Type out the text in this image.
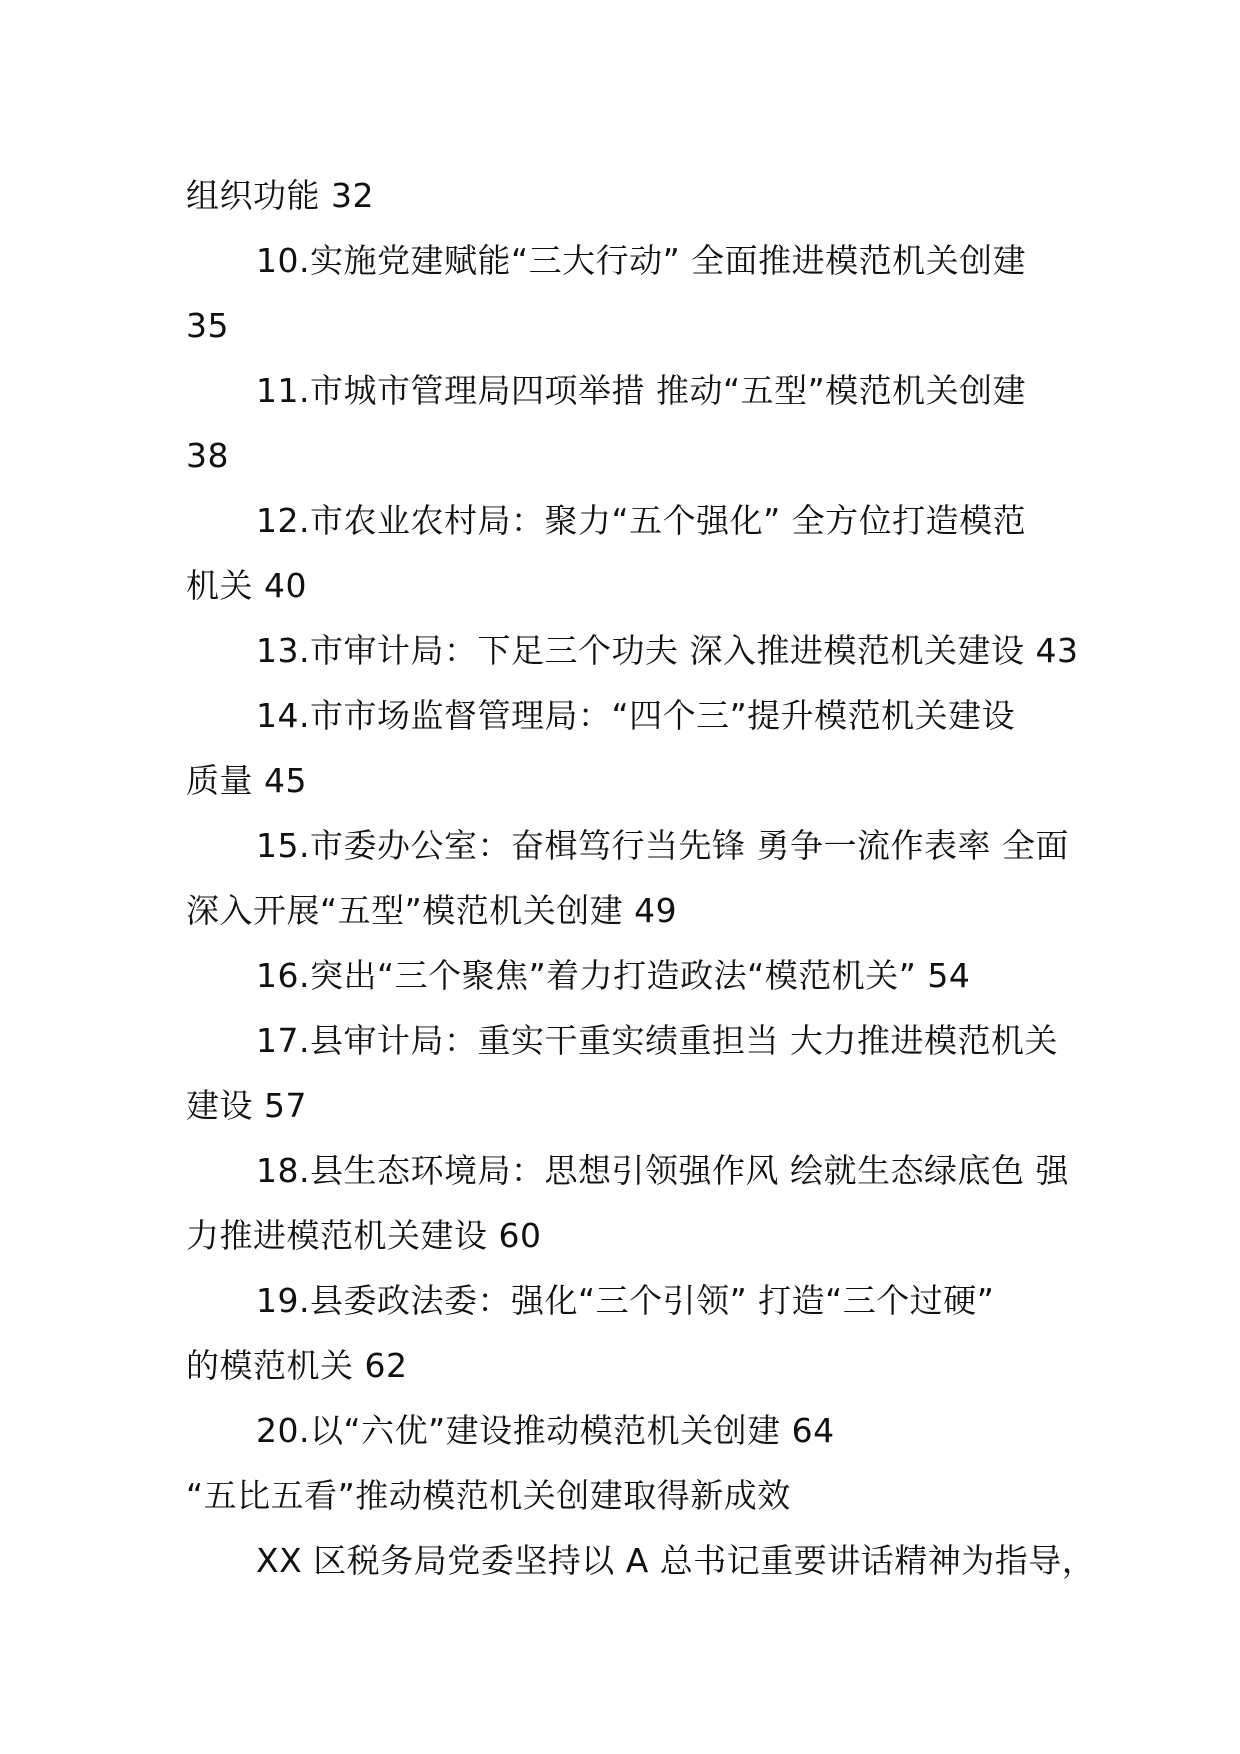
组织功能 32
10.实施党建赋能“三大行动” 全面推进模范机关创建
35
11.市城市管理局四项举措 推动“五型”模范机关创建
38
12.市农业农村局：聚力“五个强化” 全方位打造模范
机关 40
13.市审计局：下足三个功夫 深入推进模范机关建设 43
14.市市场监督管理局：“四个三”提升模范机关建设
质量 45
15.市委办公室：奋楫笃行当先锋 勇争一流作表率 全面
深入开展“五型”模范机关创建 49
16.突出“三个聚焦”着力打造政法“模范机关” 54
17.县审计局：重实干重实绩重担当 大力推进模范机关
建设 57
18.县生态环境局：思想引领强作风 绘就生态绿底色 强
力推进模范机关建设 60
19.县委政法委：强化“三个引领” 打造“三个过硬”
的模范机关 62
20.以“六优”建设推动模范机关创建 64
“五比五看”推动模范机关创建取得新成效
XX 区税务局党委坚持以 A 总书记重要讲话精神为指导，
